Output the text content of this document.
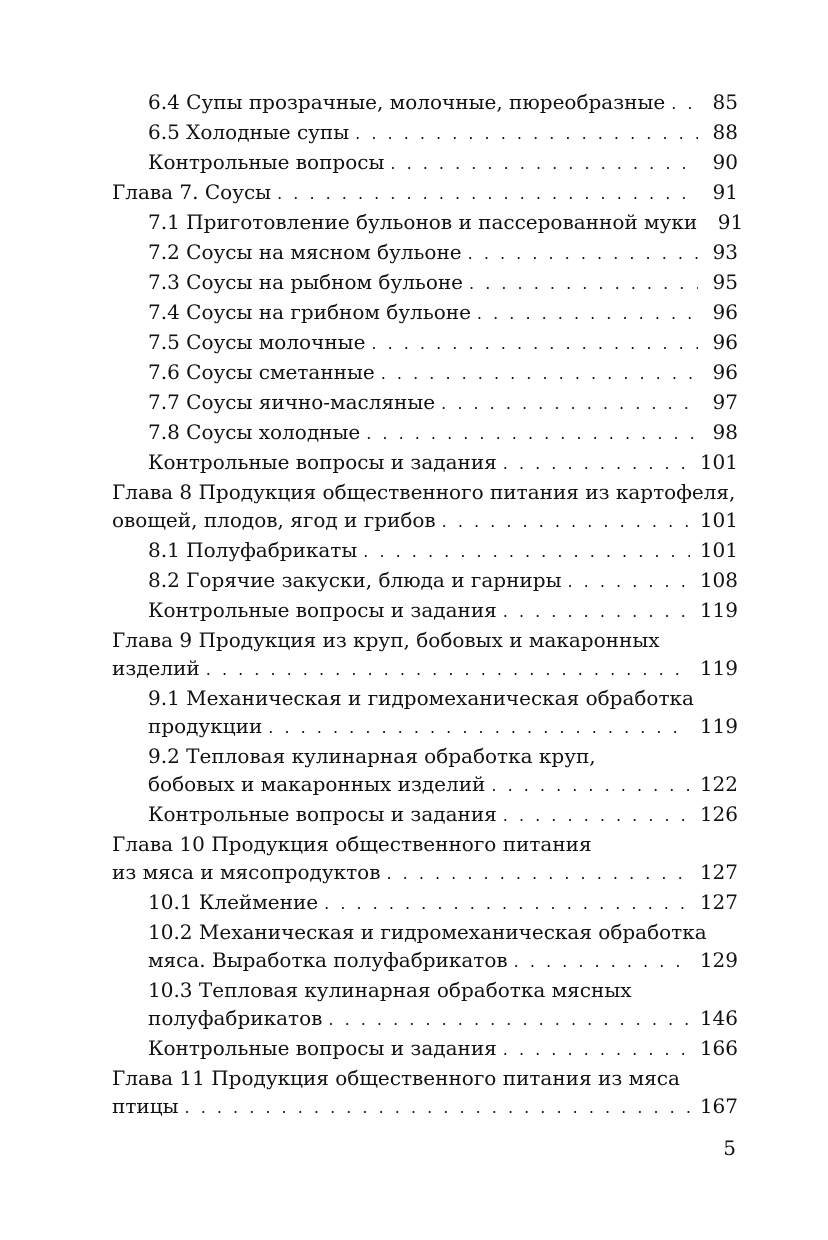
6.4 Супы прозрачные, молочные, пюреобразные . . . 85
6.5 Холодные супы . . .	88
Контрольные вопросы . . .	90
Глава 7. Соусы . . .	91
7.1 Приготовление бульонов и пассерованной муки 91
7.2 Соусы на мясном бульоне . . .	93
7.3 Соусы на рыбном бульоне . . .	95
7.4 Соусы на грибном бульоне . . .	96
7.5 Соусы молочные . . .	96
7.6 Соусы сметанные . . .	96
7.7 Соусы яично-масляные . . .	97
7.8 Соусы холодные . . .	98
Контрольные вопросы и задания . . .	101
Глава 8 Продукция общественного питания из картофеля,
овощей, плодов, ягод и грибов . . .	101
8.1 Полуфабрикаты . . .	101
8.2 Горячие закуски, блюда и гарниры . . .	108
Контрольные вопросы и задания . . .	119
Глава 9 Продукция из круп, бобовых и макаронных
изделий . . .	119
9.1 Механическая и гидромеханическая обработка
продукции . . .	119
9.2 Тепловая кулинарная обработка круп,
бобовых и макаронных изделий . . .	122
Контрольные вопросы и задания . . .	126
Глава 10 Продукция общественного питания
из мяса и мясопродуктов . . .	127
10.1 Клеймение . . .	127
10.2 Механическая и гидромеханическая обработка
мяса. Выработка полуфабрикатов . . .	129
10.3 Тепловая кулинарная обработка мясных
полуфабрикатов . . .	146
Контрольные вопросы и задания . . .	166
Глава 11 Продукция общественного питания из мяса
птицы . . .	167
5
